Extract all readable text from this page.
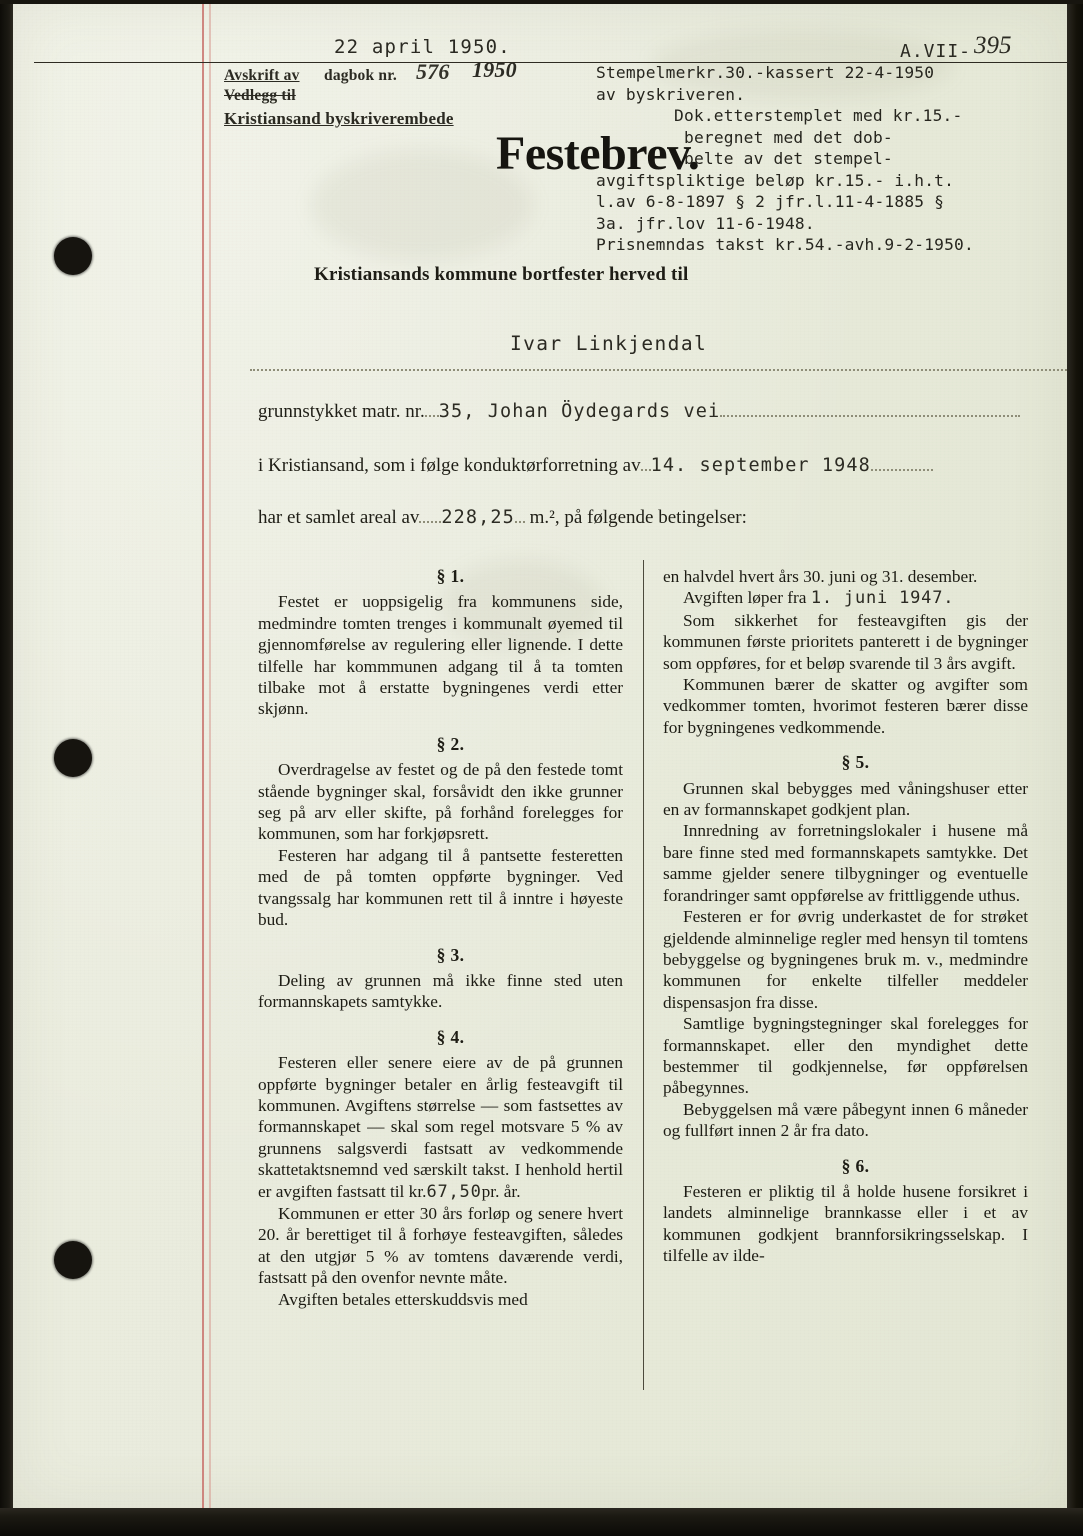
22 april 1950.	A.VII- 395
Avskrift av dagbok nr. 576 1950
Vedlegg til
Kristiansand byskriverembede
Festebrev.
Stempelmerkr.30.-kassert 22-4-1950
av byskriveren.

Dok.etterstemplet med kr.15.-
beregnet med det dob-
belte av det stempel-
avgiftspliktige beløp kr.15.- i.h.t.
l.av 6-8-1897 § 2 jfr.l.11-4-1885 §
3a. jfr.lov 11-6-1948.
Prisnemndas takst kr.54.-avh.9-2-1950.
Kristiansands kommune bortfester herved til
Ivar Linkjendal
grunnstykket matr. nr. 35, Johan Öydegards vei
i Kristiansand, som i følge konduktørforretning av 14. september 1948
har et samlet areal av 228,25 m.², på følgende betingelser:

§ 1.

Festet er uoppsigelig fra kommunens side, medmindre tomten trenges i kommunalt øyemed til gjennomførelse av regulering eller lignende. I dette tilfelle har kommmunen adgang til å ta tomten tilbake mot å erstatte bygningenes verdi etter skjønn.

§ 2.

Overdragelse av festet og de på den festede tomt stående bygninger skal, forsåvidt den ikke grunner seg på arv eller skifte, på forhånd forelegges for kommunen, som har forkjøpsrett.

Festeren har adgang til å pantsette festeretten med de på tomten oppførte bygninger. Ved tvangssalg har kommunen rett til å inntre i høyeste bud.

§ 3.

Deling av grunnen må ikke finne sted uten formannskapets samtykke.

§ 4.

Festeren eller senere eiere av de på grunnen oppførte bygninger betaler en årlig festeavgift til kommunen. Avgiftens størrelse — som fastsettes av formannskapet — skal som regel motsvare 5 % av grunnens salgsverdi fastsatt av vedkommende skattetaktsnemnd ved særskilt takst. I henhold hertil er avgiften fastsatt til kr.67,50pr. år.

Kommunen er etter 30 års forløp og senere hvert 20. år berettiget til å forhøye festeavgiften, således at den utgjør 5 % av tomtens daværende verdi, fastsatt på den ovenfor nevnte måte.

Avgiften betales etterskuddsvis med

en halvdel hvert års 30. juni og 31. desember.

Avgiften løper fra 1. juni 1947.

Som sikkerhet for festeavgiften gis der kommunen første prioritets panterett i de bygninger som oppføres, for et beløp svarende til 3 års avgift.

Kommunen bærer de skatter og avgifter som vedkommer tomten, hvorimot festeren bærer disse for bygningenes vedkommende.

§ 5.

Grunnen skal bebygges med våningshuser etter en av formannskapet godkjent plan.

Innredning av forretningslokaler i husene må bare finne sted med formannskapets samtykke. Det samme gjelder senere tilbygninger og eventuelle forandringer samt oppførelse av frittliggende uthus.

Festeren er for øvrig underkastet de for strøket gjeldende alminnelige regler med hensyn til tomtens bebyggelse og bygningenes bruk m. v., medmindre kommunen for enkelte tilfeller meddeler dispensasjon fra disse.

Samtlige bygningstegninger skal forelegges for formannskapet. eller den myndighet dette bestemmer til godkjennelse, før oppførelsen påbegynnes.

Bebyggelsen må være påbegynt innen 6 måneder og fullført innen 2 år fra dato.

§ 6.

Festeren er pliktig til å holde husene forsikret i landets alminnelige brannkasse eller i et av kommunen godkjent brannforsikringsselskap. I tilfelle av ilde-
